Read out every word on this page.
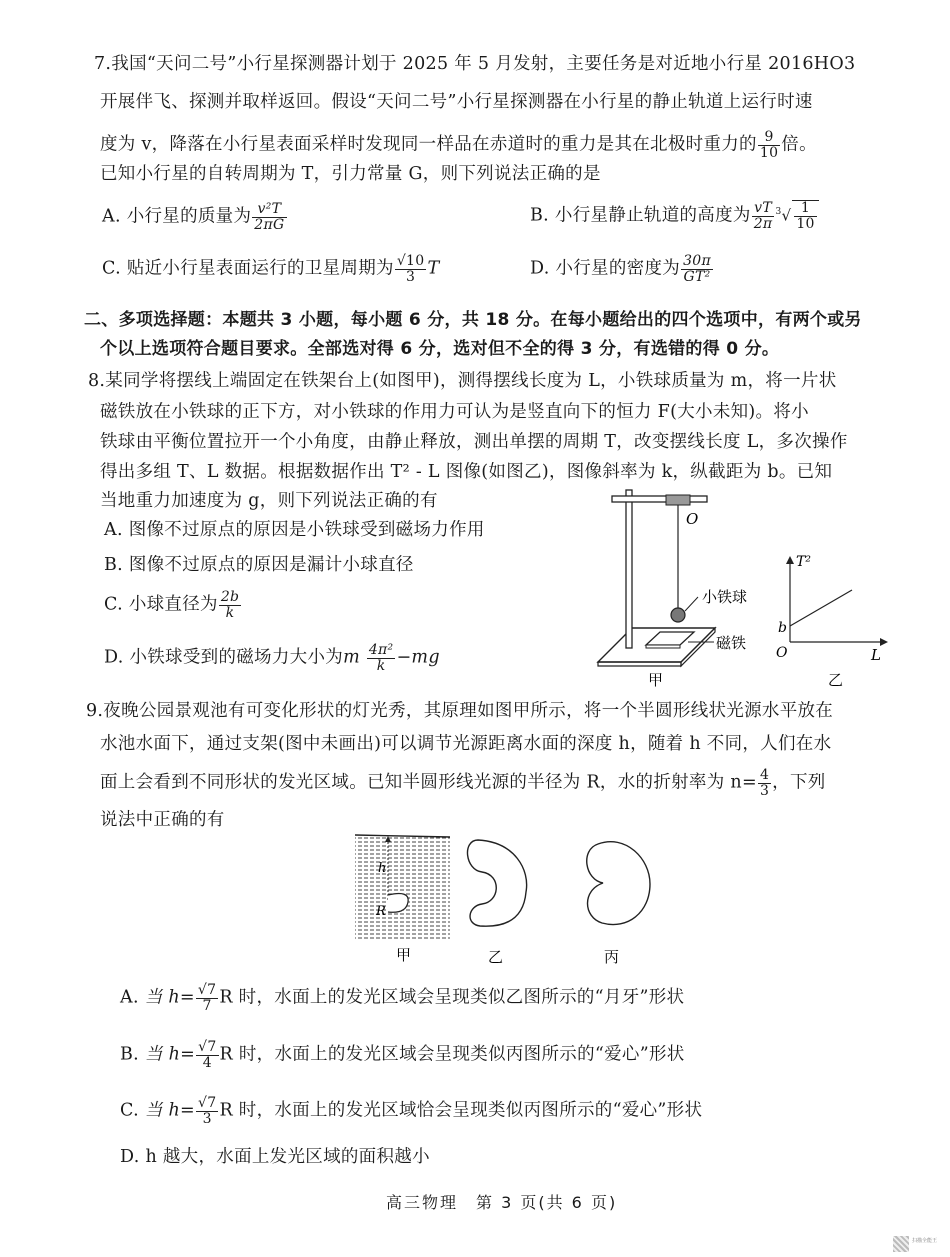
7.我国“天问二号”小行星探测器计划于 2025 年 5 月发射，主要任务是对近地小行星 2016HO3
开展伴飞、探测并取样返回。假设“天问二号”小行星探测器在小行星的静止轨道上运行时速
度为 v，降落在小行星表面采样时发现同一样品在赤道时的重力是其在北极时重力的 $\frac{9}{10}$ 倍。
已知小行星的自转周期为 T，引力常量 G，则下列说法正确的是
A. 小行星的质量为 $\frac{\text{v²T}}{2\pi G}$	B. 小行星静止轨道的高度为 $\frac{vT}{2\pi} ^3√ \frac{1}{10}$
C. 贴近小行星表面运行的卫星周期为 $\frac{√10}{3}$ T	D. 小行星的密度为 $\frac{30\pi}{\text{GT²}}$
二、多项选择题：本题共 3 小题，每小题 6 分，共 18 分。在每小题给出的四个选项中，有两个或另
个以上选项符合题目要求。全部选对得 6 分，选对但不全的得 3 分，有选错的得 0 分。
8.某同学将摆线上端固定在铁架台上(如图甲)，测得摆线长度为 L，小铁球质量为 m，将一片状
磁铁放在小铁球的正下方，对小铁球的作用力可认为是竖直向下的恒力 F(大小未知)。将小
铁球由平衡位置拉开一个小角度，由静止释放，测出单摆的周期 T，改变摆线长度 L，多次操作
得出多组 T、L 数据。根据数据作出 T² - L 图像(如图乙)，图像斜率为 k，纵截距为 b。已知
当地重力加速度为 g，则下列说法正确的有
A. 图像不过原点的原因是小铁球受到磁场力作用
B. 图像不过原点的原因是漏计小球直径
C. 小球直径为 $\frac{2b}{k}$
D. 小铁球受到的磁场力大小为m $\frac{\text{4π²}}{k} -mg$
O
小铁球
磁铁
甲
T²
L
O
b
乙
9.夜晚公园景观池有可变化形状的灯光秀，其原理如图甲所示，将一个半圆形线状光源水平放在
水池水面下，通过支架(图中未画出)可以调节光源距离水面的深度 h，随着 h 不同，人们在水
面上会看到不同形状的发光区域。已知半圆形线光源的半径为 R，水的折射率为 $n= \frac{4}{3}$ ，下列
说法中正确的有
h
R
甲	乙	丙
A. 当 $h= \frac{√7}{7}$ R 时，水面上的发光区域会呈现类似乙图所示的“月牙”形状
B. 当 $h= \frac{√7}{4}$ R 时，水面上的发光区域会呈现类似丙图所示的“爱心”形状
C. 当 $h= \frac{√7}{3}$ R 时，水面上的发光区域恰会呈现类似丙图所示的“爱心”形状
D. h 越大，水面上发光区域的面积越小
高三物理　第 3 页(共 6 页)
扫描全能王
